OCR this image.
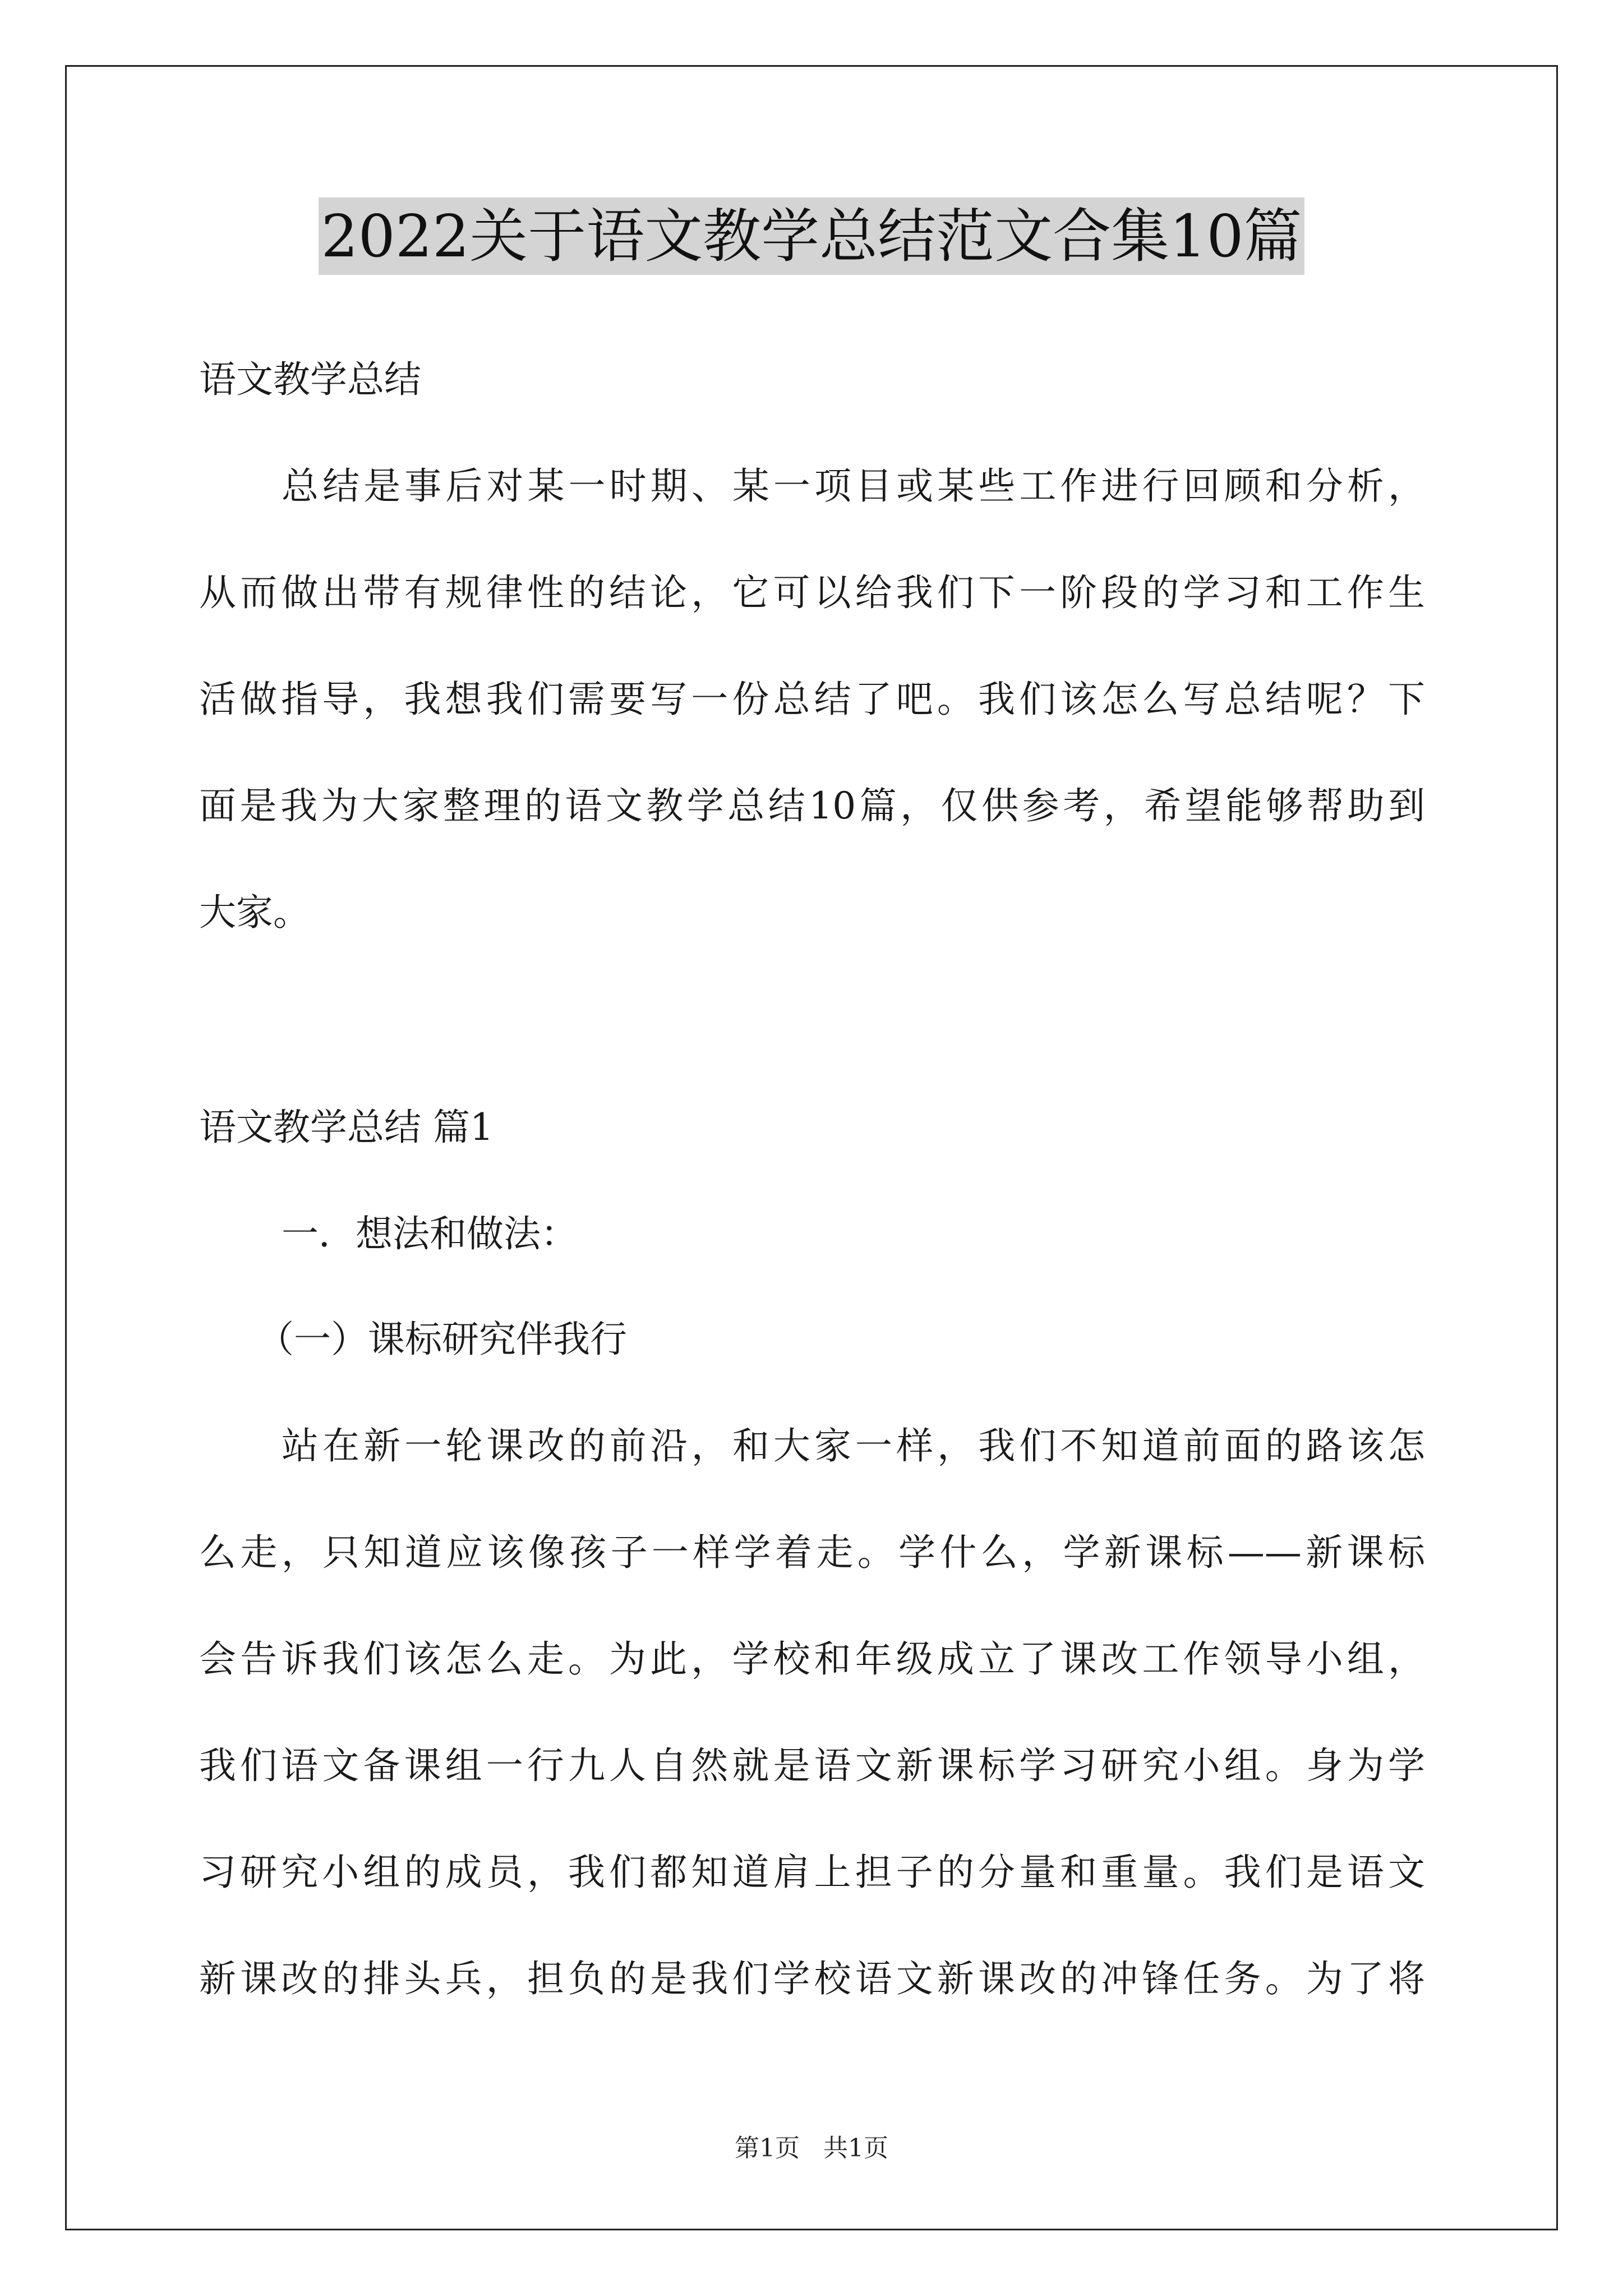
2022关于语文教学总结范文合集10篇
语文教学总结
总结是事后对某一时期、某一项目或某些工作进行回顾和分析，
从而做出带有规律性的结论，它可以给我们下一阶段的学习和工作生
活做指导，我想我们需要写一份总结了吧。我们该怎么写总结呢？下
面是我为大家整理的语文教学总结10篇，仅供参考，希望能够帮助到
大家。
语文教学总结 篇1
一．想法和做法：
（一）课标研究伴我行
站在新一轮课改的前沿，和大家一样，我们不知道前面的路该怎
么走，只知道应该像孩子一样学着走。学什么，学新课标——新课标
会告诉我们该怎么走。为此，学校和年级成立了课改工作领导小组，
我们语文备课组一行九人自然就是语文新课标学习研究小组。身为学
习研究小组的成员，我们都知道肩上担子的分量和重量。我们是语文
新课改的排头兵，担负的是我们学校语文新课改的冲锋任务。为了将
第1页   共1页
